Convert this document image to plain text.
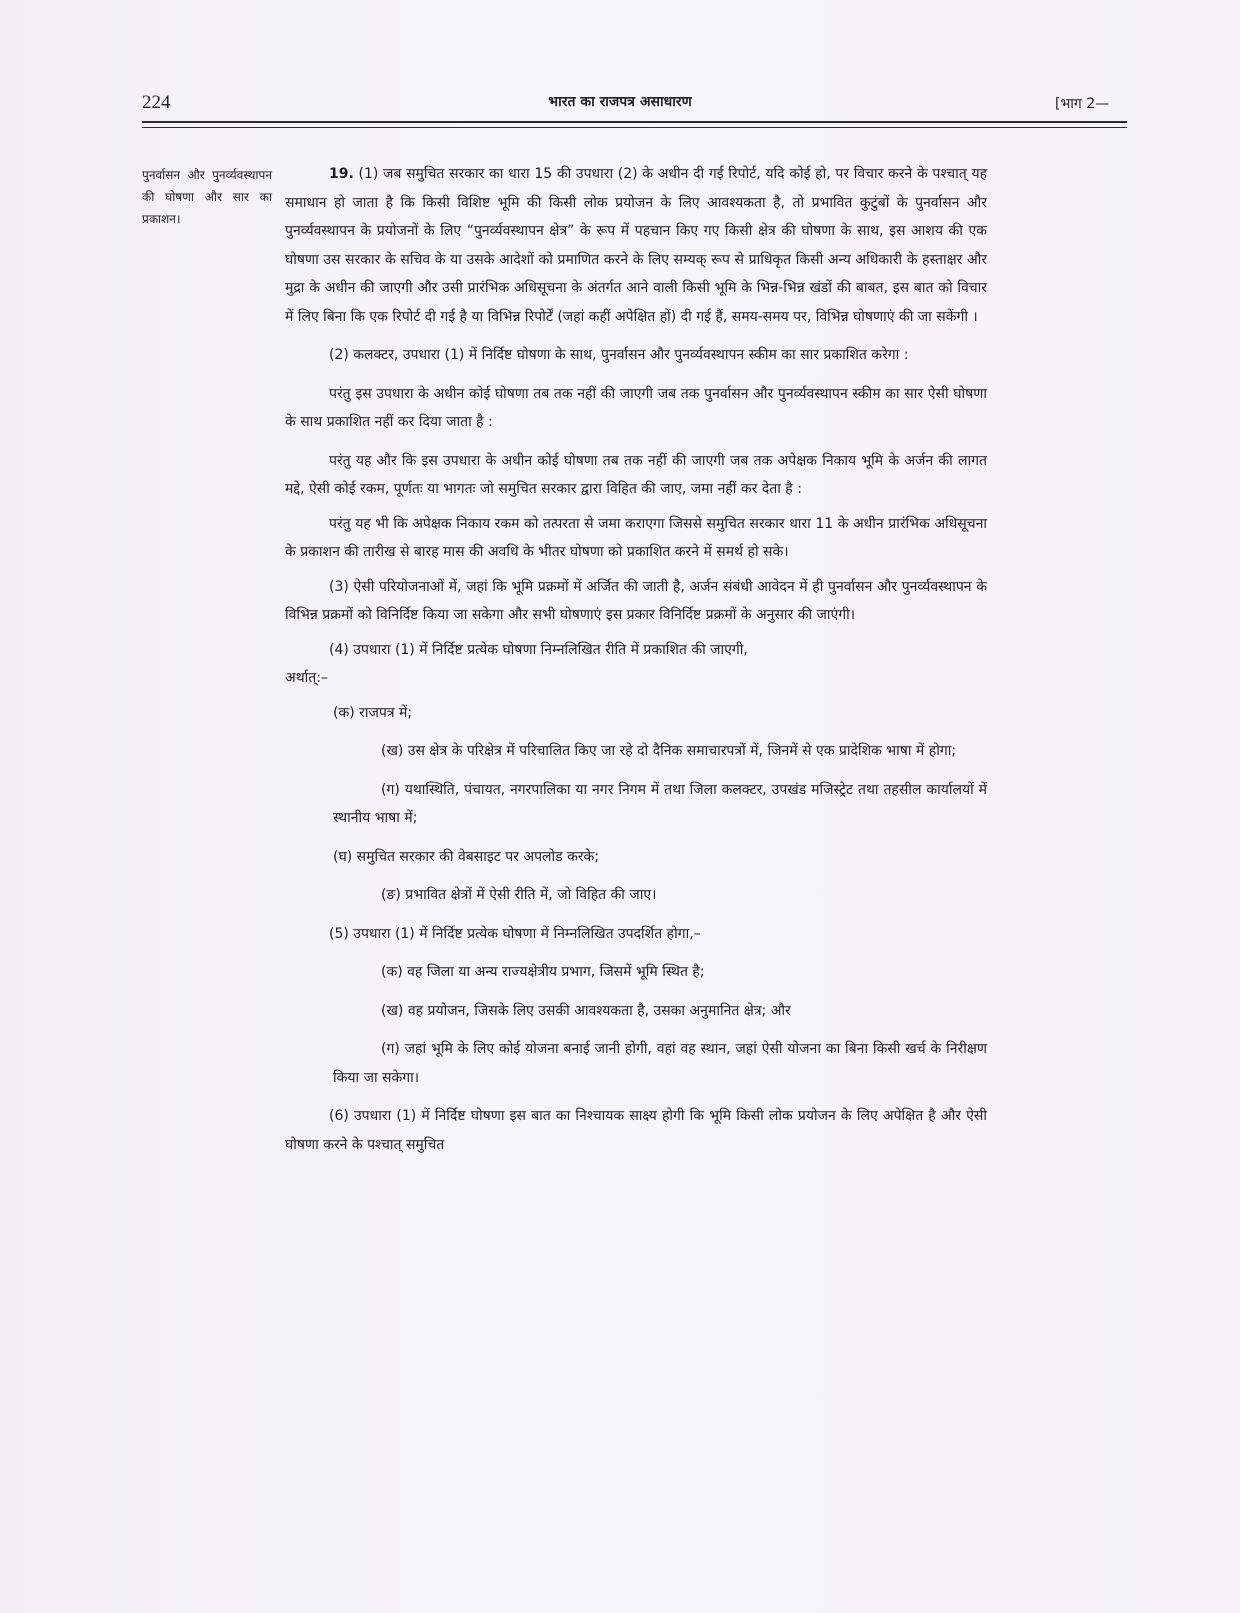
224	भारत का राजपत्र असाधारण	[भाग 2—
पुनर्वासन और पुनर्व्यवस्थापन की घोषणा और सार का प्रकाशन।

19. (1) जब समुचित सरकार का धारा 15 की उपधारा (2) के अधीन दी गई रिपोर्ट, यदि कोई हो, पर विचार करने के पश्चात् यह समाधान हो जाता है कि किसी विशिष्ट भूमि की किसी लोक प्रयोजन के लिए आवश्यकता है, तो प्रभावित कुटुंबों के पुनर्वासन और पुनर्व्यवस्थापन के प्रयोजनों के लिए “पुनर्व्यवस्थापन क्षेत्र” के रूप में पहचान किए गए किसी क्षेत्र की घोषणा के साथ, इस आशय की एक घोषणा उस सरकार के सचिव के या उसके आदेशों को प्रमाणित करने के लिए सम्यक् रूप से प्राधिकृत किसी अन्य अधिकारी के हस्ताक्षर और मुद्रा के अधीन की जाएगी और उसी प्रारंभिक अधिसूचना के अंतर्गत आने वाली किसी भूमि के भिन्न-भिन्न खंडों की बाबत, इस बात को विचार में लिए बिना कि एक रिपोर्ट दी गई है या विभिन्न रिपोर्टें (जहां कहीं अपेक्षित हों) दी गई हैं, समय-समय पर, विभिन्न घोषणाएं की जा सकेंगी ।

(2) कलक्टर, उपधारा (1) में निर्दिष्ट घोषणा के साथ, पुनर्वासन और पुनर्व्यवस्थापन स्कीम का सार प्रकाशित करेगा :

परंतु इस उपधारा के अधीन कोई घोषणा तब तक नहीं की जाएगी जब तक पुनर्वासन और पुनर्व्यवस्थापन स्कीम का सार ऐसी घोषणा के साथ प्रकाशित नहीं कर दिया जाता है :

परंतु यह और कि इस उपधारा के अधीन कोई घोषणा तब तक नहीं की जाएगी जब तक अपेक्षक निकाय भूमि के अर्जन की लागत मद्दे, ऐसी कोई रकम, पूर्णतः या भागतः जो समुचित सरकार द्वारा विहित की जाए, जमा नहीं कर देता है :

परंतु यह भी कि अपेक्षक निकाय रकम को तत्परता से जमा कराएगा जिससे समुचित सरकार धारा 11 के अधीन प्रारंभिक अधिसूचना के प्रकाशन की तारीख से बारह मास की अवधि के भीतर घोषणा को प्रकाशित करने में समर्थ हो सके।

(3) ऐसी परियोजनाओं में, जहां कि भूमि प्रक्रमों में अर्जित की जाती है, अर्जन संबंधी आवेदन में ही पुनर्वासन और पुनर्व्यवस्थापन के विभिन्न प्रक्रमों को विनिर्दिष्ट किया जा सकेगा और सभी घोषणाएं इस प्रकार विनिर्दिष्ट प्रक्रमों के अनुसार की जाएंगी।

(4) उपधारा (1) में निर्दिष्ट प्रत्येक घोषणा निम्नलिखित रीति में प्रकाशित की जाएगी,

अर्थात्:–

(क) राजपत्र में;

(ख) उस क्षेत्र के परिक्षेत्र में परिचालित किए जा रहे दो दैनिक समाचारपत्रों में, जिनमें से एक प्रादेशिक भाषा में होगा;

(ग) यथास्थिति, पंचायत, नगरपालिका या नगर निगम में तथा जिला कलक्टर, उपखंड मजिस्ट्रेट तथा तहसील कार्यालयों में स्थानीय भाषा में;

(घ) समुचित सरकार की वेबसाइट पर अपलोड करके;

(ङ) प्रभावित क्षेत्रों में ऐसी रीति में, जो विहित की जाए।

(5) उपधारा (1) में निर्दिष्ट प्रत्येक घोषणा में निम्नलिखित उपदर्शित होगा,–

(क) वह जिला या अन्य राज्यक्षेत्रीय प्रभाग, जिसमें भूमि स्थित है;

(ख) वह प्रयोजन, जिसके लिए उसकी आवश्यकता है, उसका अनुमानित क्षेत्र; और

(ग) जहां भूमि के लिए कोई योजना बनाई जानी होगी, वहां वह स्थान, जहां ऐसी योजना का बिना किसी खर्च के निरीक्षण किया जा सकेगा।

(6) उपधारा (1) में निर्दिष्ट घोषणा इस बात का निश्चायक साक्ष्य होगी कि भूमि किसी लोक प्रयोजन के लिए अपेक्षित है और ऐसी घोषणा करने के पश्चात् समुचित
